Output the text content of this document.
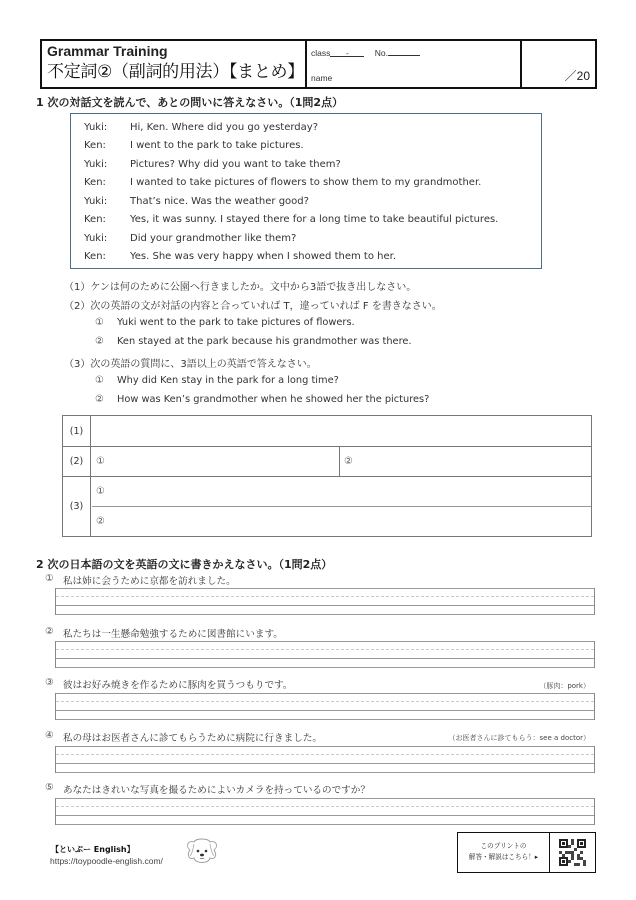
Grammar Training
不定詞②（副詞的用法）【まとめ】
class -	No.
name	／20
1 次の対話文を読んで、あとの問いに答えなさい。（1問2点）
Yuki:	Hi, Ken. Where did you go yesterday?
Ken:	I went to the park to take pictures.
Yuki:	Pictures? Why did you want to take them?
Ken:	I wanted to take pictures of flowers to show them to my grandmother.
Yuki:	That’s nice. Was the weather good?
Ken:	Yes, it was sunny. I stayed there for a long time to take beautiful pictures.
Yuki:	Did your grandmother like them?
Ken:	Yes. She was very happy when I showed them to her.
（1）ケンは何のために公園へ行きましたか。文中から3語で抜き出しなさい。
（2）次の英語の文が対話の内容と合っていれば T，違っていれば F を書きなさい。
①	Yuki went to the park to take pictures of flowers.
②	Ken stayed at the park because his grandmother was there.
（3）次の英語の質問に、3語以上の英語で答えなさい。
①	Why did Ken stay in the park for a long time?
②	How was Ken’s grandmother when he showed her the pictures?
(1)
(2)	①	②
(3)
①
②
2 次の日本語の文を英語の文に書きかえなさい。（1問2点）
① 私は姉に会うために京都を訪れました。
② 私たちは一生懸命勉強するために図書館にいます。
③ 彼はお好み焼きを作るために豚肉を買うつもりです。	（豚肉：pork）
④ 私の母はお医者さんに診てもらうために病院に行きました。	（お医者さんに診てもらう：see a doctor）
⑤ あなたはきれいな写真を撮るためによいカメラを持っているのですか？
【といぷー English】
https://toypoodle-english.com/
このプリントの
解答・解説はこちら！▸
